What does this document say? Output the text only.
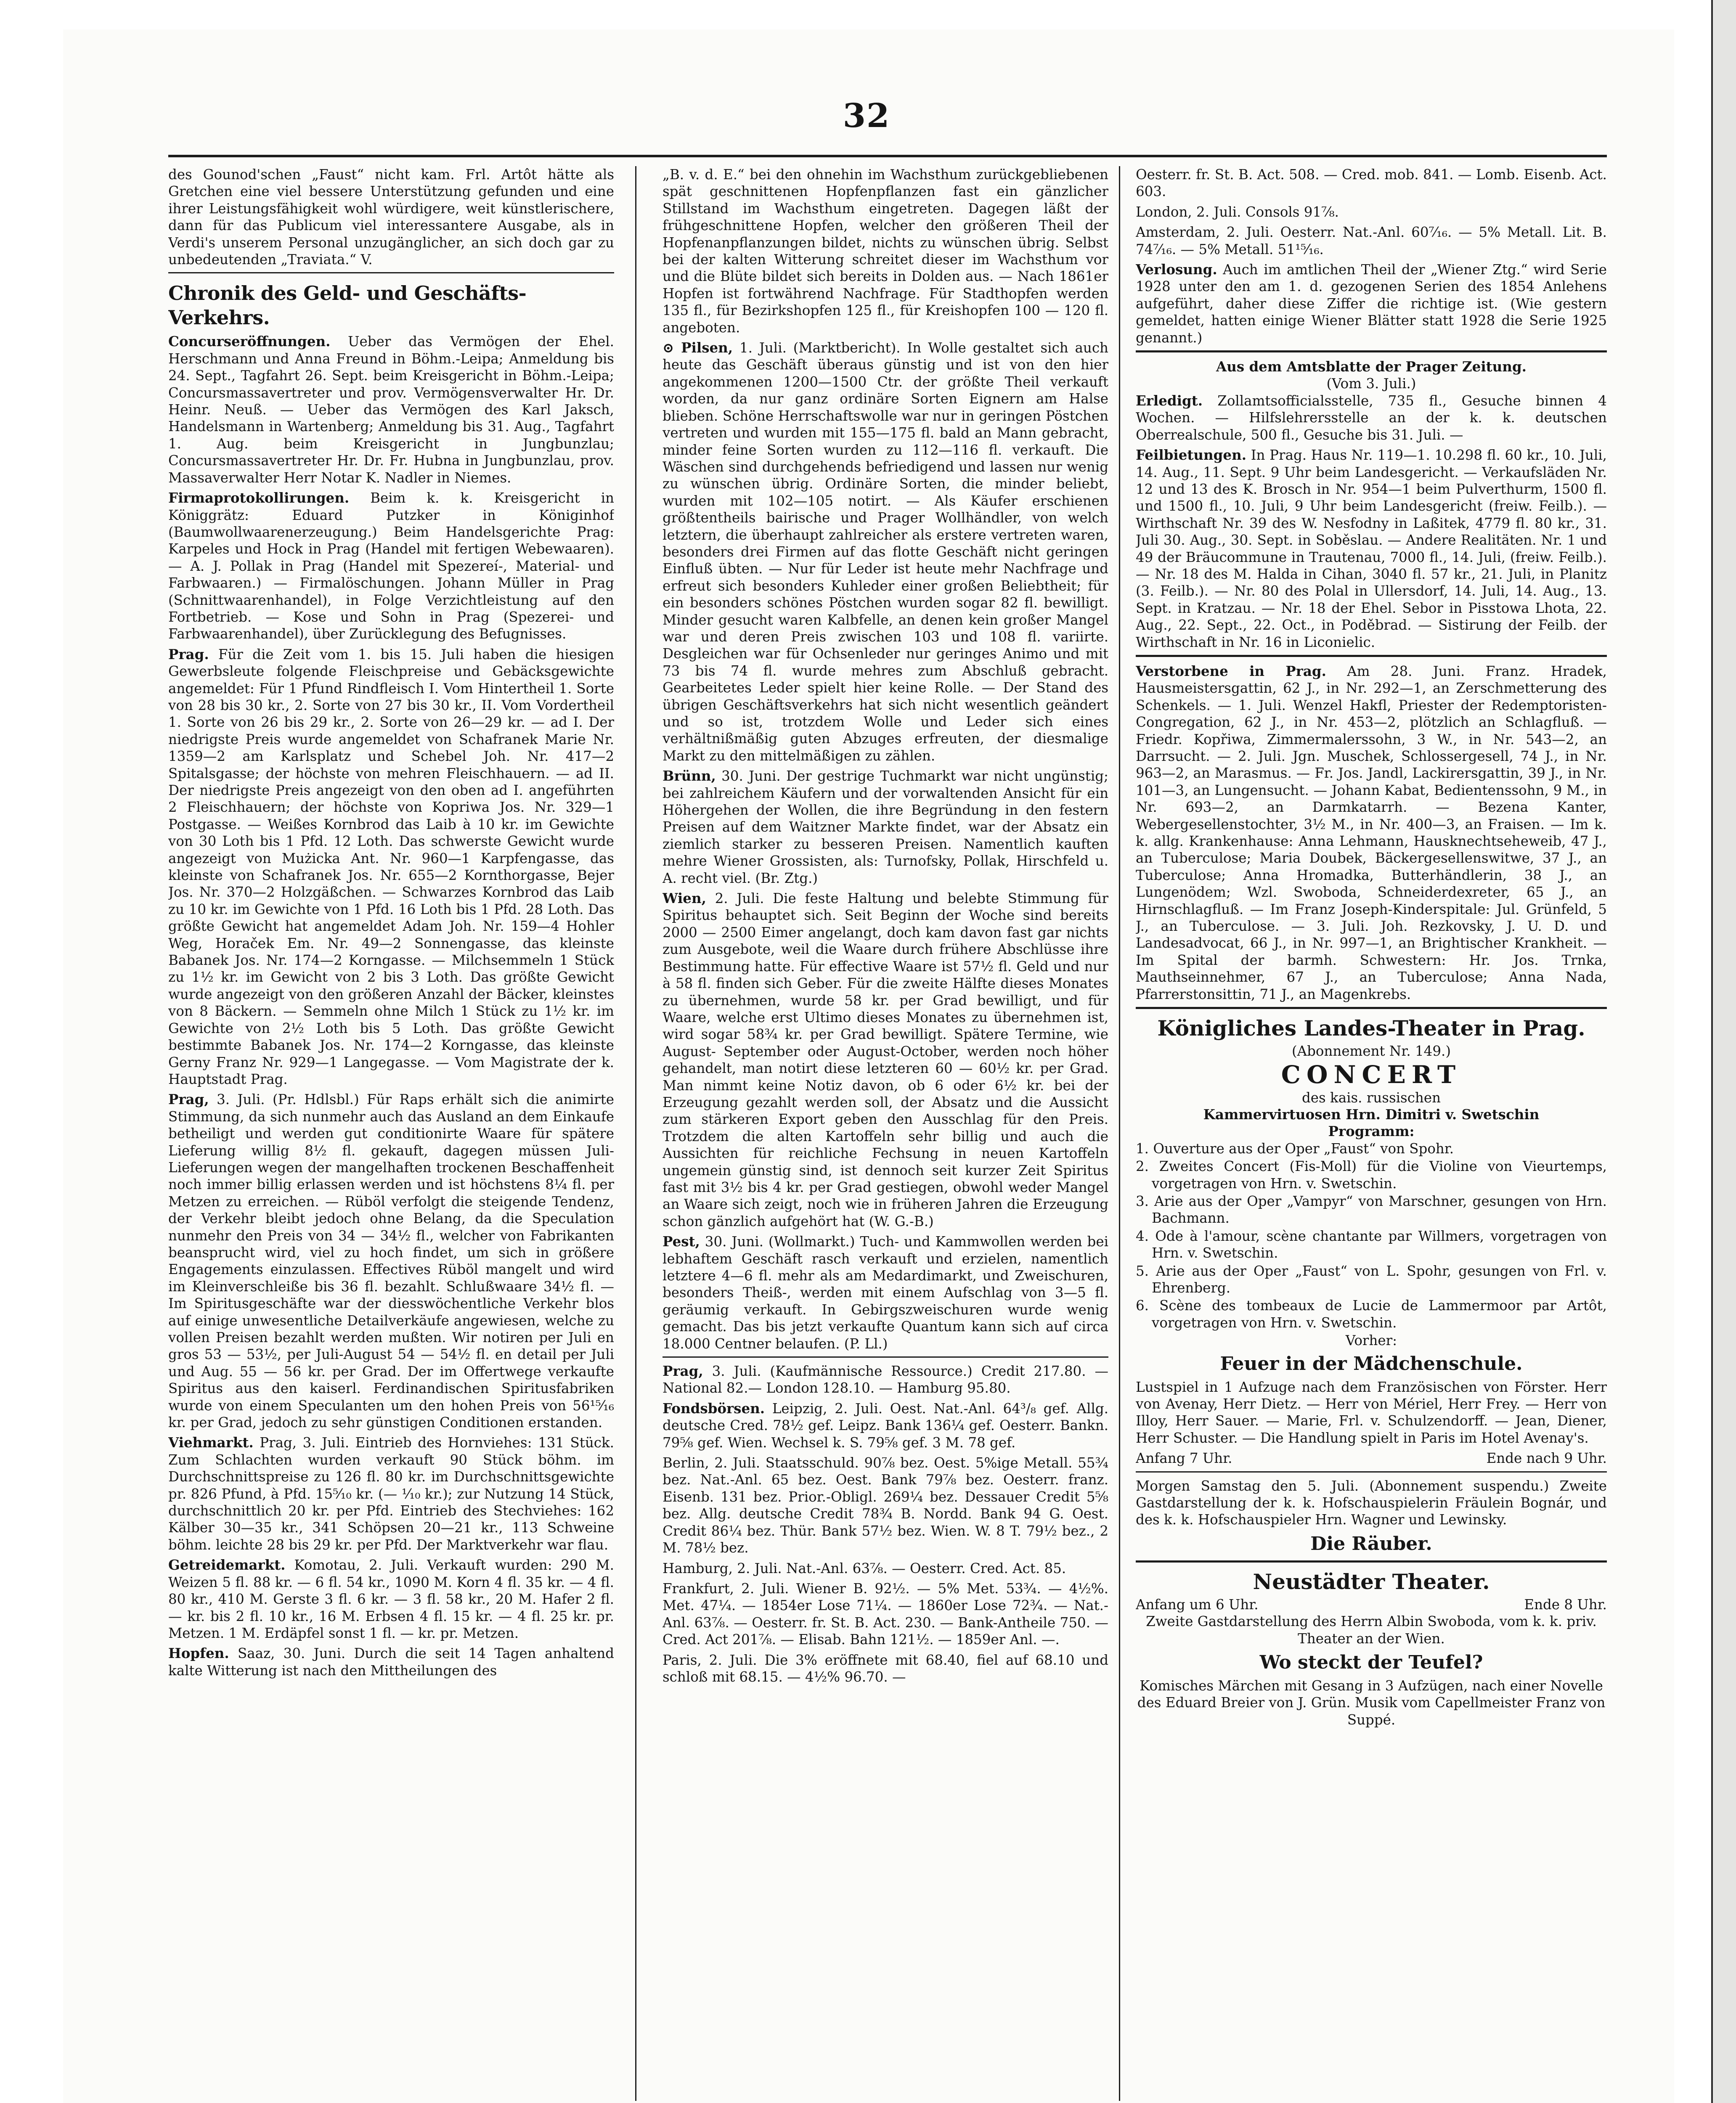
32

des Gounod'schen „Faust“ nicht kam. Frl. Artôt hätte als Gretchen eine viel bessere Unterstützung gefunden und eine ihrer Leistungsfähigkeit wohl würdigere, weit künstlerischere, dann für das Publicum viel interessantere Ausgabe, als in Verdi's unserem Personal unzugänglicher, an sich doch gar zu unbedeutenden „Traviata.“ V.

Chronik des Geld- und Geschäfts-Verkehrs.

Concurseröffnungen. Ueber das Vermögen der Ehel. Herschmann und Anna Freund in Böhm.-Leipa; Anmeldung bis 24. Sept., Tagfahrt 26. Sept. beim Kreisgericht in Böhm.-Leipa; Concursmassavertreter und prov. Vermögensverwalter Hr. Dr. Heinr. Neuß. — Ueber das Vermögen des Karl Jaksch, Handelsmann in Wartenberg; Anmeldung bis 31. Aug., Tagfahrt 1. Aug. beim Kreisgericht in Jungbunzlau; Concursmassavertreter Hr. Dr. Fr. Hubna in Jungbunzlau, prov. Massaverwalter Herr Notar K. Nadler in Niemes.

Firmaprotokollirungen. Beim k. k. Kreisgericht in Königgrätz: Eduard Putzker in Königinhof (Baumwollwaarenerzeugung.) Beim Handelsgerichte Prag: Karpeles und Hock in Prag (Handel mit fertigen Webewaaren). — A. J. Pollak in Prag (Handel mit Spezereí-, Material- und Farbwaaren.) — Firmalöschungen. Johann Müller in Prag (Schnittwaarenhandel), in Folge Verzichtleistung auf den Fortbetrieb. — Kose und Sohn in Prag (Spezerei- und Farbwaarenhandel), über Zurücklegung des Befugnisses.

Prag. Für die Zeit vom 1. bis 15. Juli haben die hiesigen Gewerbsleute folgende Fleischpreise und Gebäcksgewichte angemeldet: Für 1 Pfund Rindfleisch I. Vom Hintertheil 1. Sorte von 28 bis 30 kr., 2. Sorte von 27 bis 30 kr., II. Vom Vordertheil 1. Sorte von 26 bis 29 kr., 2. Sorte von 26—29 kr. — ad I. Der niedrigste Preis wurde angemeldet von Schafranek Marie Nr. 1359—2 am Karlsplatz und Schebel Joh. Nr. 417—2 Spitalsgasse; der höchste von mehren Fleischhauern. — ad II. Der niedrigste Preis angezeigt von den oben ad I. angeführten 2 Fleischhauern; der höchste von Kopriwa Jos. Nr. 329—1 Postgasse. — Weißes Kornbrod das Laib à 10 kr. im Gewichte von 30 Loth bis 1 Pfd. 12 Loth. Das schwerste Gewicht wurde angezeigt von Mużicka Ant. Nr. 960—1 Karpfengasse, das kleinste von Schafranek Jos. Nr. 655—2 Kornthorgasse, Bejer Jos. Nr. 370—2 Holzgäßchen. — Schwarzes Kornbrod das Laib zu 10 kr. im Gewichte von 1 Pfd. 16 Loth bis 1 Pfd. 28 Loth. Das größte Gewicht hat angemeldet Adam Joh. Nr. 159—4 Hohler Weg, Horaček Em. Nr. 49—2 Sonnengasse, das kleinste Babanek Jos. Nr. 174—2 Korngasse. — Milchsemmeln 1 Stück zu 1½ kr. im Gewicht von 2 bis 3 Loth. Das größte Gewicht wurde angezeigt von den größeren Anzahl der Bäcker, kleinstes von 8 Bäckern. — Semmeln ohne Milch 1 Stück zu 1½ kr. im Gewichte von 2½ Loth bis 5 Loth. Das größte Gewicht bestimmte Babanek Jos. Nr. 174—2 Korngasse, das kleinste Gerny Franz Nr. 929—1 Langegasse. — Vom Magistrate der k. Hauptstadt Prag.

Prag, 3. Juli. (Pr. Hdlsbl.) Für Raps erhält sich die animirte Stimmung, da sich nunmehr auch das Ausland an dem Einkaufe betheiligt und werden gut conditionirte Waare für spätere Lieferung willig 8½ fl. gekauft, dagegen müssen Juli-Lieferungen wegen der mangelhaften trockenen Beschaffenheit noch immer billig erlassen werden und ist höchstens 8¼ fl. per Metzen zu erreichen. — Rüböl verfolgt die steigende Tendenz, der Verkehr bleibt jedoch ohne Belang, da die Speculation nunmehr den Preis von 34 — 34½ fl., welcher von Fabrikanten beansprucht wird, viel zu hoch findet, um sich in größere Engagements einzulassen. Effectives Rüböl mangelt und wird im Kleinverschleiße bis 36 fl. bezahlt. Schlußwaare 34½ fl. — Im Spiritusgeschäfte war der diesswöchentliche Verkehr blos auf einige unwesentliche Detailverkäufe angewiesen, welche zu vollen Preisen bezahlt werden mußten. Wir notiren per Juli en gros 53 — 53½, per Juli-August 54 — 54½ fl. en detail per Juli und Aug. 55 — 56 kr. per Grad. Der im Offertwege verkaufte Spiritus aus den kaiserl. Ferdinandischen Spiritusfabriken wurde von einem Speculanten um den hohen Preis von 56¹⁵⁄₁₆ kr. per Grad, jedoch zu sehr günstigen Conditionen erstanden.

Viehmarkt. Prag, 3. Juli. Eintrieb des Hornviehes: 131 Stück. Zum Schlachten wurden verkauft 90 Stück böhm. im Durchschnittspreise zu 126 fl. 80 kr. im Durchschnittsgewichte pr. 826 Pfund, à Pfd. 15⁵⁄₁₀ kr. (— ¹⁄₁₀ kr.); zur Nutzung 14 Stück, durchschnittlich 20 kr. per Pfd. Eintrieb des Stechviehes: 162 Kälber 30—35 kr., 341 Schöpsen 20—21 kr., 113 Schweine böhm. leichte 28 bis 29 kr. per Pfd. Der Marktverkehr war flau.

Getreidemarkt. Komotau, 2. Juli. Verkauft wurden: 290 M. Weizen 5 fl. 88 kr. — 6 fl. 54 kr., 1090 M. Korn 4 fl. 35 kr. — 4 fl. 80 kr., 410 M. Gerste 3 fl. 6 kr. — 3 fl. 58 kr., 20 M. Hafer 2 fl. — kr. bis 2 fl. 10 kr., 16 M. Erbsen 4 fl. 15 kr. — 4 fl. 25 kr. pr. Metzen. 1 M. Erdäpfel sonst 1 fl. — kr. pr. Metzen.

Hopfen. Saaz, 30. Juni. Durch die seit 14 Tagen anhaltend kalte Witterung ist nach den Mittheilungen des

„B. v. d. E.“ bei den ohnehin im Wachsthum zurückgebliebenen spät geschnittenen Hopfenpflanzen fast ein gänzlicher Stillstand im Wachsthum eingetreten. Dagegen läßt der frühgeschnittene Hopfen, welcher den größeren Theil der Hopfenanpflanzungen bildet, nichts zu wünschen übrig. Selbst bei der kalten Witterung schreitet dieser im Wachsthum vor und die Blüte bildet sich bereits in Dolden aus. — Nach 1861er Hopfen ist fortwährend Nachfrage. Für Stadthopfen werden 135 fl., für Bezirkshopfen 125 fl., für Kreishopfen 100 — 120 fl. angeboten.

⊙ Pilsen, 1. Juli. (Marktbericht). In Wolle gestaltet sich auch heute das Geschäft überaus günstig und ist von den hier angekommenen 1200—1500 Ctr. der größte Theil verkauft worden, da nur ganz ordinäre Sorten Eignern am Halse blieben. Schöne Herrschaftswolle war nur in geringen Pöstchen vertreten und wurden mit 155—175 fl. bald an Mann gebracht, minder feine Sorten wurden zu 112—116 fl. verkauft. Die Wäschen sind durchgehends befriedigend und lassen nur wenig zu wünschen übrig. Ordinäre Sorten, die minder beliebt, wurden mit 102—105 notirt. — Als Käufer erschienen größtentheils bairische und Prager Wollhändler, von welch letztern, die überhaupt zahlreicher als erstere vertreten waren, besonders drei Firmen auf das flotte Geschäft nicht geringen Einfluß übten. — Nur für Leder ist heute mehr Nachfrage und erfreut sich besonders Kuhleder einer großen Beliebtheit; für ein besonders schönes Pöstchen wurden sogar 82 fl. bewilligt. Minder gesucht waren Kalbfelle, an denen kein großer Mangel war und deren Preis zwischen 103 und 108 fl. variirte. Desgleichen war für Ochsenleder nur geringes Animo und mit 73 bis 74 fl. wurde mehres zum Abschluß gebracht. Gearbeitetes Leder spielt hier keine Rolle. — Der Stand des übrigen Geschäftsverkehrs hat sich nicht wesentlich geändert und so ist, trotzdem Wolle und Leder sich eines verhältnißmäßig guten Abzuges erfreuten, der diesmalige Markt zu den mittelmäßigen zu zählen.

Brünn, 30. Juni. Der gestrige Tuchmarkt war nicht ungünstig; bei zahlreichem Käufern und der vorwaltenden Ansicht für ein Höhergehen der Wollen, die ihre Begründung in den festern Preisen auf dem Waitzner Markte findet, war der Absatz ein ziemlich starker zu besseren Preisen. Namentlich kauften mehre Wiener Grossisten, als: Turnofsky, Pollak, Hirschfeld u. A. recht viel. (Br. Ztg.)

Wien, 2. Juli. Die feste Haltung und belebte Stimmung für Spiritus behauptet sich. Seit Beginn der Woche sind bereits 2000 — 2500 Eimer angelangt, doch kam davon fast gar nichts zum Ausgebote, weil die Waare durch frühere Abschlüsse ihre Bestimmung hatte. Für effective Waare ist 57½ fl. Geld und nur à 58 fl. finden sich Geber. Für die zweite Hälfte dieses Monates zu übernehmen, wurde 58 kr. per Grad bewilligt, und für Waare, welche erst Ultimo dieses Monates zu übernehmen ist, wird sogar 58¾ kr. per Grad bewilligt. Spätere Termine, wie August- September oder August-October, werden noch höher gehandelt, man notirt diese letzteren 60 — 60½ kr. per Grad. Man nimmt keine Notiz davon, ob 6 oder 6½ kr. bei der Erzeugung gezahlt werden soll, der Absatz und die Aussicht zum stärkeren Export geben den Ausschlag für den Preis. Trotzdem die alten Kartoffeln sehr billig und auch die Aussichten für reichliche Fechsung in neuen Kartoffeln ungemein günstig sind, ist dennoch seit kurzer Zeit Spiritus fast mit 3½ bis 4 kr. per Grad gestiegen, obwohl weder Mangel an Waare sich zeigt, noch wie in früheren Jahren die Erzeugung schon gänzlich aufgehört hat (W. G.-B.)

Pest, 30. Juni. (Wollmarkt.) Tuch- und Kammwollen werden bei lebhaftem Geschäft rasch verkauft und erzielen, namentlich letztere 4—6 fl. mehr als am Medardimarkt, und Zweischuren, besonders Theiß-, werden mit einem Aufschlag von 3—5 fl. geräumig verkauft. In Gebirgszweischuren wurde wenig gemacht. Das bis jetzt verkaufte Quantum kann sich auf circa 18.000 Centner belaufen. (P. Ll.)

Prag, 3. Juli. (Kaufmännische Ressource.) Credit 217.80. — National 82.— London 128.10. — Hamburg 95.80.

Fondsbörsen. Leipzig, 2. Juli. Oest. Nat.-Anl. 64³/₈ gef. Allg. deutsche Cred. 78½ gef. Leipz. Bank 136¼ gef. Oesterr. Bankn. 79⁵⁄₈ gef. Wien. Wechsel k. S. 79⁵⁄₈ gef. 3 M. 78 gef.

Berlin, 2. Juli. Staatsschuld. 90⅞ bez. Oest. 5%ige Metall. 55¾ bez. Nat.-Anl. 65 bez. Oest. Bank 79⅞ bez. Oesterr. franz. Eisenb. 131 bez. Prior.-Obligl. 269¼ bez. Dessauer Credit 5⁵⁄₈ bez. Allg. deutsche Credit 78¾ B. Nordd. Bank 94 G. Oest. Credit 86¼ bez. Thür. Bank 57½ bez. Wien. W. 8 T. 79½ bez., 2 M. 78½ bez.

Hamburg, 2. Juli. Nat.-Anl. 63⅞. — Oesterr. Cred. Act. 85.

Frankfurt, 2. Juli. Wiener B. 92½. — 5% Met. 53¾. — 4½%. Met. 47¼. — 1854er Lose 71¼. — 1860er Lose 72¾. — Nat.-Anl. 63⅞. — Oesterr. fr. St. B. Act. 230. — Bank-Antheile 750. — Cred. Act 201⅞. — Elisab. Bahn 121½. — 1859er Anl. —.

Paris, 2. Juli. Die 3% eröffnete mit 68.40, fiel auf 68.10 und schloß mit 68.15. — 4½% 96.70. —

Oesterr. fr. St. B. Act. 508. — Cred. mob. 841. — Lomb. Eisenb. Act. 603.

London, 2. Juli. Consols 91⁷⁄₈.

Amsterdam, 2. Juli. Oesterr. Nat.-Anl. 60⁷⁄₁₆. — 5% Metall. Lit. B. 74⁷⁄₁₆. — 5% Metall. 51¹⁵⁄₁₆.

Verlosung. Auch im amtlichen Theil der „Wiener Ztg.“ wird Serie 1928 unter den am 1. d. gezogenen Serien des 1854 Anlehens aufgeführt, daher diese Ziffer die richtige ist. (Wie gestern gemeldet, hatten einige Wiener Blätter statt 1928 die Serie 1925 genannt.)

Aus dem Amtsblatte der Prager Zeitung.
(Vom 3. Juli.)

Erledigt. Zollamtsofficialsstelle, 735 fl., Gesuche binnen 4 Wochen. — Hilfslehrersstelle an der k. k. deutschen Oberrealschule, 500 fl., Gesuche bis 31. Juli. —

Feilbietungen. In Prag. Haus Nr. 119—1. 10.298 fl. 60 kr., 10. Juli, 14. Aug., 11. Sept. 9 Uhr beim Landesgericht. — Verkaufsläden Nr. 12 und 13 des K. Brosch in Nr. 954—1 beim Pulverthurm, 1500 fl. und 1500 fl., 10. Juli, 9 Uhr beim Landesgericht (freiw. Feilb.). — Wirthschaft Nr. 39 des W. Nesfodny in Laßitek, 4779 fl. 80 kr., 31. Juli 30. Aug., 30. Sept. in Soběslau. — Andere Realitäten. Nr. 1 und 49 der Bräucommune in Trautenau, 7000 fl., 14. Juli, (freiw. Feilb.). — Nr. 18 des M. Halda in Cihan, 3040 fl. 57 kr., 21. Juli, in Planitz (3. Feilb.). — Nr. 80 des Polal in Ullersdorf, 14. Juli, 14. Aug., 13. Sept. in Kratzau. — Nr. 18 der Ehel. Sebor in Pisstowa Lhota, 22. Aug., 22. Sept., 22. Oct., in Poděbrad. — Sistirung der Feilb. der Wirthschaft in Nr. 16 in Liconielic.

Verstorbene in Prag. Am 28. Juni. Franz. Hradek, Hausmeistersgattin, 62 J., in Nr. 292—1, an Zerschmetterung des Schenkels. — 1. Juli. Wenzel Hakfl, Priester der Redemptoristen-Congregation, 62 J., in Nr. 453—2, plötzlich an Schlagfluß. — Friedr. Kopřiwa, Zimmermalerssohn, 3 W., in Nr. 543—2, an Darrsucht. — 2. Juli. Jgn. Muschek, Schlossergesell, 74 J., in Nr. 963—2, an Marasmus. — Fr. Jos. Jandl, Lackirersgattin, 39 J., in Nr. 101—3, an Lungensucht. — Johann Kabat, Bedientenssohn, 9 M., in Nr. 693—2, an Darmkatarrh. — Bezena Kanter, Webergesellenstochter, 3½ M., in Nr. 400—3, an Fraisen. — Im k. k. allg. Krankenhause: Anna Lehmann, Hausknechtseheweib, 47 J., an Tuberculose; Maria Doubek, Bäckergesellenswitwe, 37 J., an Tuberculose; Anna Hromadka, Butterhändlerin, 38 J., an Lungenödem; Wzl. Swoboda, Schneiderdexreter, 65 J., an Hirnschlagfluß. — Im Franz Joseph-Kinderspitale: Jul. Grünfeld, 5 J., an Tuberculose. — 3. Juli. Joh. Rezkovsky, J. U. D. und Landesadvocat, 66 J., in Nr. 997—1, an Brightischer Krankheit. — Im Spital der barmh. Schwestern: Hr. Jos. Trnka, Mauthseinnehmer, 67 J., an Tuberculose; Anna Nada, Pfarrerstonsittin, 71 J., an Magenkrebs.

Königliches Landes-Theater in Prag.
(Abonnement Nr. 149.)
CONCERT
des kais. russischen
Kammervirtuosen Hrn. Dimitri v. Swetschin
Programm:
1. Ouverture aus der Oper „Faust“ von Spohr.
2. Zweites Concert (Fis-Moll) für die Violine von Vieurtemps, vorgetragen von Hrn. v. Swetschin.
3. Arie aus der Oper „Vampyr“ von Marschner, gesungen von Hrn. Bachmann.
4. Ode à l'amour, scène chantante par Willmers, vorgetragen von Hrn. v. Swetschin.
5. Arie aus der Oper „Faust“ von L. Spohr, gesungen von Frl. v. Ehrenberg.
6. Scène des tombeaux de Lucie de Lammermoor par Artôt, vorgetragen von Hrn. v. Swetschin.
Vorher:
Feuer in der Mädchenschule.

Lustspiel in 1 Aufzuge nach dem Französischen von Förster. Herr von Avenay, Herr Dietz. — Herr von Mériel, Herr Frey. — Herr von Illoy, Herr Sauer. — Marie, Frl. v. Schulzendorff. — Jean, Diener, Herr Schuster. — Die Handlung spielt in Paris im Hotel Avenay's.

Anfang 7 Uhr.	Ende nach 9 Uhr.

Morgen Samstag den 5. Juli. (Abonnement suspendu.) Zweite Gastdarstellung der k. k. Hofschauspielerin Fräulein Bognár, und des k. k. Hofschauspieler Hrn. Wagner und Lewinsky.

Die Räuber.
Neustädter Theater.
Anfang um 6 Uhr.	Ende 8 Uhr.

Zweite Gastdarstellung des Herrn Albin Swoboda, vom k. k. priv. Theater an der Wien.

Wo steckt der Teufel?

Komisches Märchen mit Gesang in 3 Aufzügen, nach einer Novelle des Eduard Breier von J. Grün. Musik vom Capellmeister Franz von Suppé.
